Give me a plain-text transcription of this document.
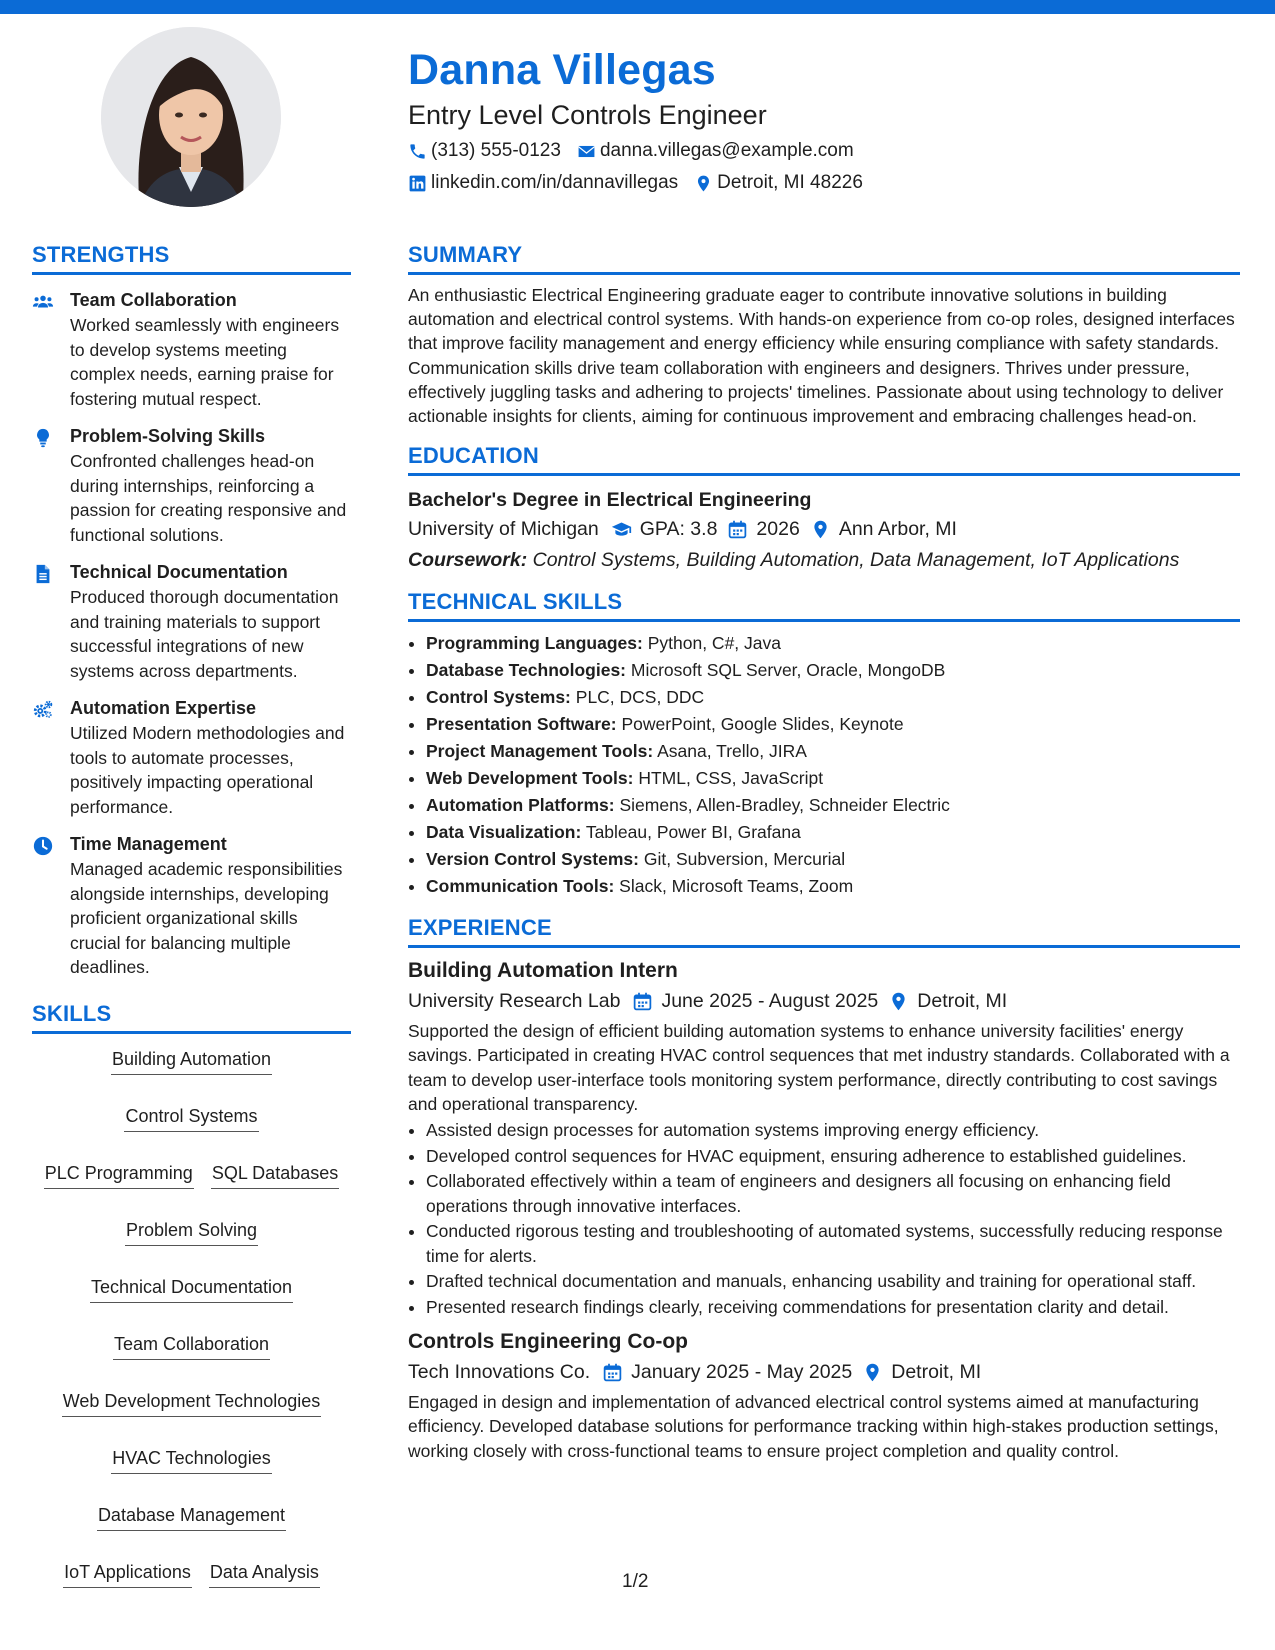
Danna Villegas
Entry Level Controls Engineer
(313) 555-0123 danna.villegas@example.com
linkedin.com/in/dannavillegas Detroit, MI 48226
STRENGTHS
Team Collaboration
Worked seamlessly with engineers to develop systems meeting complex needs, earning praise for fostering mutual respect.
Problem-Solving Skills
Confronted challenges head-on during internships, reinforcing a passion for creating responsive and functional solutions.
Technical Documentation
Produced thorough documentation and training materials to support successful integrations of new systems across departments.
Automation Expertise
Utilized Modern methodologies and tools to automate processes, positively impacting operational performance.
Time Management
Managed academic responsibilities alongside internships, developing proficient organizational skills crucial for balancing multiple deadlines.
SKILLS
Building Automation
Control Systems
PLC Programming SQL Databases
Problem Solving
Technical Documentation
Team Collaboration
Web Development Technologies
HVAC Technologies
Database Management
IoT Applications Data Analysis
SUMMARY
An enthusiastic Electrical Engineering graduate eager to contribute innovative solutions in building automation and electrical control systems. With hands-on experience from co-op roles, designed interfaces that improve facility management and energy efficiency while ensuring compliance with safety standards. Communication skills drive team collaboration with engineers and designers. Thrives under pressure, effectively juggling tasks and adhering to projects' timelines. Passionate about using technology to deliver actionable insights for clients, aiming for continuous improvement and embracing challenges head-on.
EDUCATION
Bachelor's Degree in Electrical Engineering
University of Michigan GPA: 3.8 2026 Ann Arbor, MI
Coursework: Control Systems, Building Automation, Data Management, IoT Applications
TECHNICAL SKILLS
• Programming Languages: Python, C#, Java
• Database Technologies: Microsoft SQL Server, Oracle, MongoDB
• Control Systems: PLC, DCS, DDC
• Presentation Software: PowerPoint, Google Slides, Keynote
• Project Management Tools: Asana, Trello, JIRA
• Web Development Tools: HTML, CSS, JavaScript
• Automation Platforms: Siemens, Allen-Bradley, Schneider Electric
• Data Visualization: Tableau, Power BI, Grafana
• Version Control Systems: Git, Subversion, Mercurial
• Communication Tools: Slack, Microsoft Teams, Zoom
EXPERIENCE
Building Automation Intern
University Research Lab June 2025 - August 2025 Detroit, MI
Supported the design of efficient building automation systems to enhance university facilities' energy savings. Participated in creating HVAC control sequences that met industry standards. Collaborated with a team to develop user-interface tools monitoring system performance, directly contributing to cost savings and operational transparency.
• Assisted design processes for automation systems improving energy efficiency.
• Developed control sequences for HVAC equipment, ensuring adherence to established guidelines.
• Collaborated effectively within a team of engineers and designers all focusing on enhancing field operations through innovative interfaces.
• Conducted rigorous testing and troubleshooting of automated systems, successfully reducing response time for alerts.
• Drafted technical documentation and manuals, enhancing usability and training for operational staff.
• Presented research findings clearly, receiving commendations for presentation clarity and detail.
Controls Engineering Co-op
Tech Innovations Co. January 2025 - May 2025 Detroit, MI
Engaged in design and implementation of advanced electrical control systems aimed at manufacturing efficiency. Developed database solutions for performance tracking within high-stakes production settings, working closely with cross-functional teams to ensure project completion and quality control.
1/2
